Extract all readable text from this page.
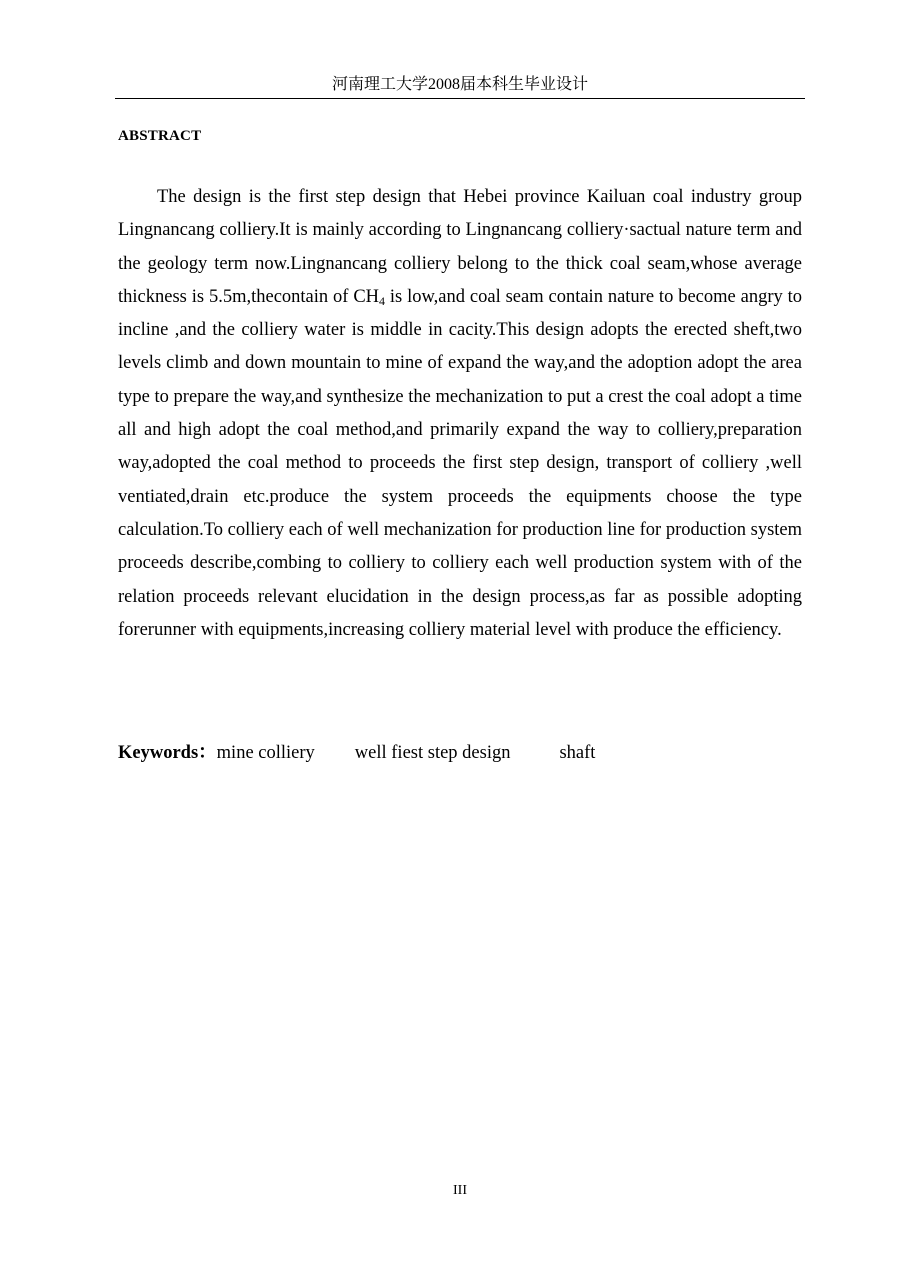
河南理工大学2008届本科生毕业设计
ABSTRACT
The design is the first step design that Hebei province Kailuan coal industry group Lingnancang colliery.It is mainly according to Lingnancang colliery·sactual nature term and the geology term now.Lingnancang colliery belong to the thick coal seam,whose average thickness is 5.5m,thecontain of $CH_4$ is low,and coal seam contain nature to become angry to incline ,and the colliery water is middle in cacity.This design adopts the erected sheft,two levels climb and down mountain to mine of expand the way,and the adoption adopt the area type to prepare the way,and synthesize the mechanization to put a crest the coal adopt a time all and high adopt the coal method,and primarily expand the way to colliery,preparation way,adopted the coal method to proceeds the first step design, transport of colliery ,well ventiated,drain etc.produce the system proceeds the equipments choose the type calculation.To colliery each of well mechanization for production line for production system proceeds describe,combing to colliery to colliery each well production system with of the relation proceeds relevant elucidation in the design process,as far as possible adopting forerunner with equipments,increasing colliery material level with produce the efficiency.
Keywords：mine colliery well fiest step design	shaft
III
